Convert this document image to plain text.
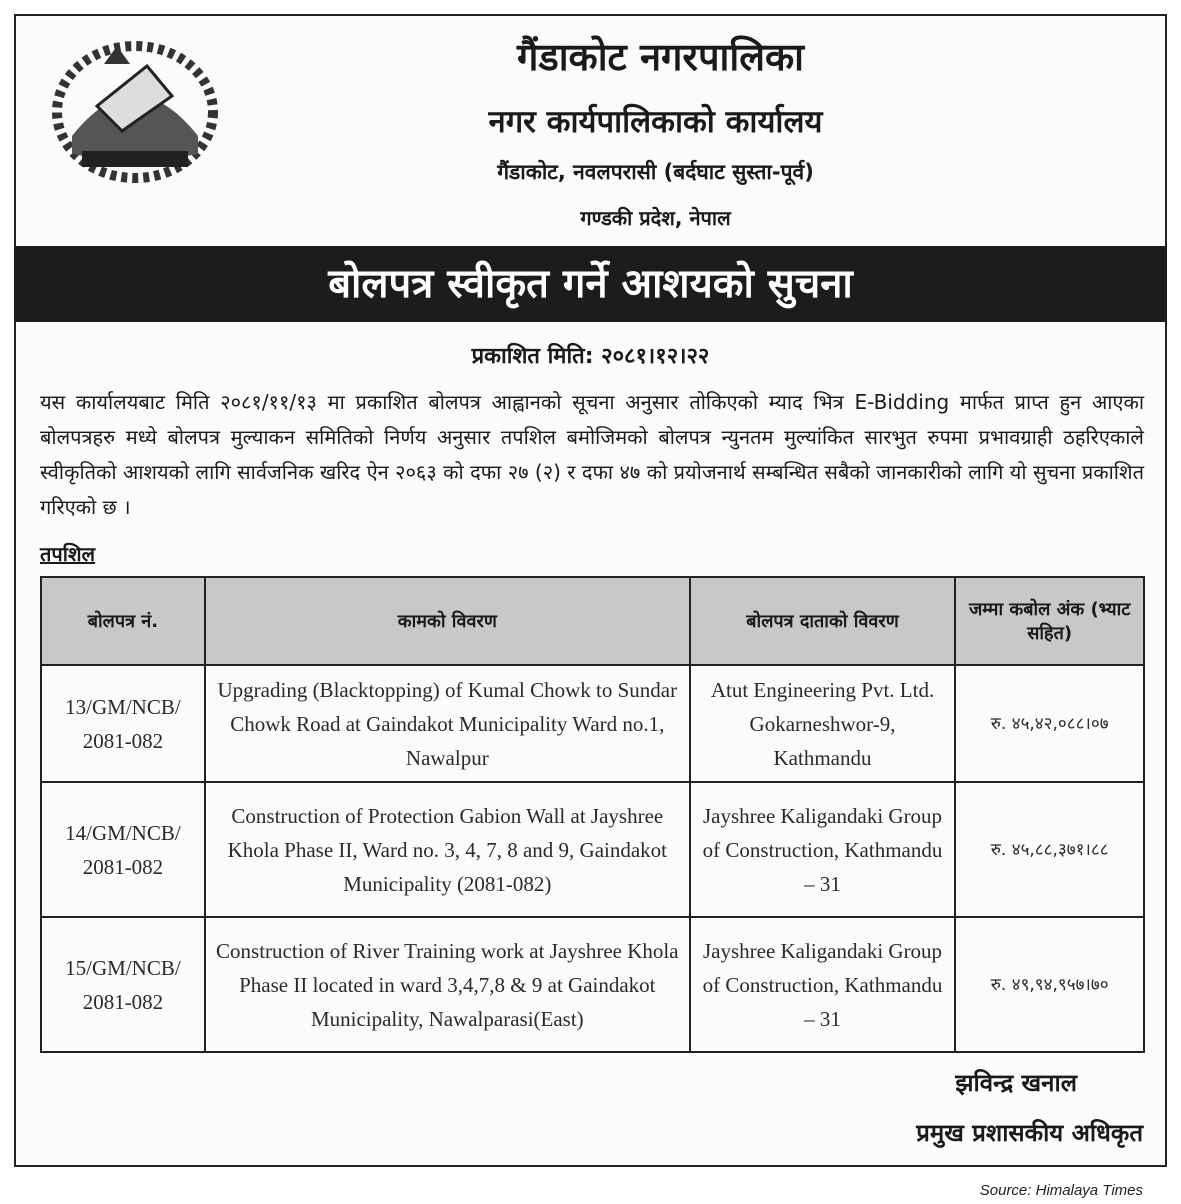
गैंडाकोट नगरपालिका
नगर कार्यपालिकाको कार्यालय
गैंडाकोट, नवलपरासी (बर्दघाट सुस्ता-पूर्व)
गण्डकी प्रदेश, नेपाल
बोलपत्र स्वीकृत गर्ने आशयको सुचना
प्रकाशित मिति: २०८१।१२।२२
यस कार्यालयबाट मिति २०८१/११/१३ मा प्रकाशित बोलपत्र आह्वानको सूचना अनुसार तोकिएको म्याद भित्र E-Bidding मार्फत प्राप्त हुन आएका बोलपत्रहरु मध्ये बोलपत्र मुल्याकन समितिको निर्णय अनुसार तपशिल बमोजिमको बोलपत्र न्युनतम मुल्यांकित सारभुत रुपमा प्रभावग्राही ठहरिएकाले स्वीकृतिको आशयको लागि सार्वजनिक खरिद ऐन २०६३ को दफा २७ (२) र दफा ४७ को प्रयोजनार्थ सम्बन्धित सबैको जानकारीको लागि यो सुचना प्रकाशित गरिएको छ ।
तपशिल
बोलपत्र नं.	कामको विवरण	बोलपत्र दाताको विवरण	जम्मा कबोल अंक (भ्याट सहित)
13/GM/NCB/ 2081-082	Upgrading (Blacktopping) of Kumal Chowk to Sundar Chowk Road at Gaindakot Municipality Ward no.1, Nawalpur	Atut Engineering Pvt. Ltd. Gokarneshwor-9, Kathmandu	रु. ४५,४२,०८८।०७
14/GM/NCB/ 2081-082	Construction of Protection Gabion Wall at Jayshree Khola Phase II, Ward no. 3, 4, 7, 8 and 9, Gaindakot Municipality (2081-082)	Jayshree Kaligandaki Group of Construction, Kathmandu – 31	रु. ४५,८८,३७१।८८
15/GM/NCB/ 2081-082	Construction of River Training work at Jayshree Khola Phase II located in ward 3,4,7,8 & 9 at Gaindakot Municipality, Nawalparasi(East)	Jayshree Kaligandaki Group of Construction, Kathmandu – 31	रु. ४९,९४,९५७।७०
झविन्द्र खनाल
प्रमुख प्रशासकीय अधिकृत
Source: Himalaya Times
